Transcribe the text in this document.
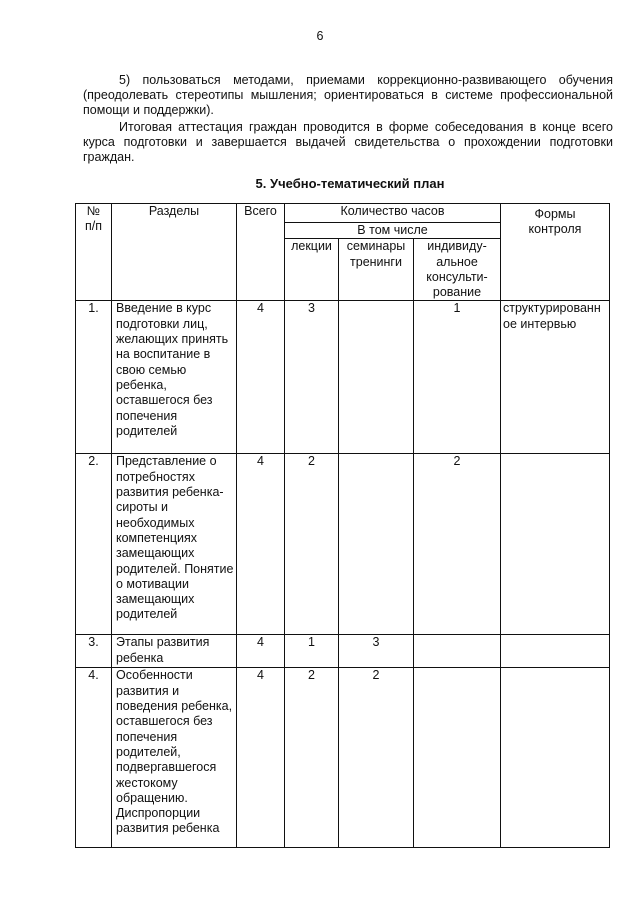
6

5) пользоваться методами, приемами коррекционно-развивающего обучения (преодолевать стереотипы мышления; ориентироваться в системе профессиональной помощи и поддержки).

Итоговая аттестация граждан проводится в форме собеседования в конце всего курса подготовки и завершается выдачей свидетельства о прохождении подготовки граждан.

5. Учебно-тематический план
№ п/п	Разделы	Всего	Количество часов			Формы контроля
			В том числе			
			лекции	семинары тренинги	индивиду-альное консульти-рование	
1.	Введение в курс подготовки лиц, желающих принять на воспитание в свою семью ребенка, оставшегося без попечения родителей	4	3		1	структурированное интервью
2.	Представление о потребностях развития ребенка-сироты и необходимых компетенциях замещающих родителей. Понятие о мотивации замещающих родителей	4	2		2	
3.	Этапы развития ребенка	4	1	3		
4.	Особенности развития и поведения ребенка, оставшегося без попечения родителей, подвергавшегося жестокому обращению. Диспропорции развития ребенка	4	2	2		
